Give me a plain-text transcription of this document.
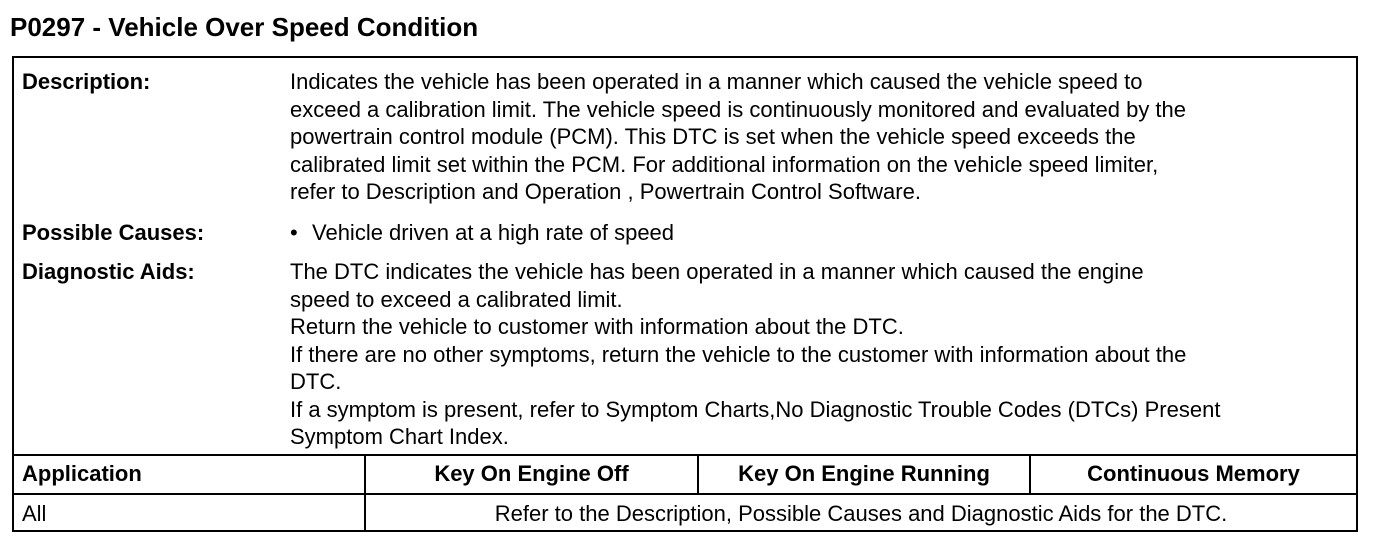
P0297 - Vehicle Over Speed Condition
Description:	Indicates the vehicle has been operated in a manner which caused the vehicle speed to

exceed a calibration limit. The vehicle speed is continuously monitored and evaluated by the

powertrain control module (PCM). This DTC is set when the vehicle speed exceeds the

calibrated limit set within the PCM. For additional information on the vehicle speed limiter,

refer to Description and Operation , Powertrain Control Software.

Possible Causes:	• Vehicle driven at a high rate of speed

Diagnostic Aids:	The DTC indicates the vehicle has been operated in a manner which caused the engine

speed to exceed a calibrated limit.

Return the vehicle to customer with information about the DTC.

If there are no other symptoms, return the vehicle to the customer with information about the

DTC.

If a symptom is present, refer to Symptom Charts,No Diagnostic Trouble Codes (DTCs) Present

Symptom Chart Index.

Application	Key On Engine Off	Key On Engine Running	Continuous Memory
All	Refer to the Description, Possible Causes and Diagnostic Aids for the DTC.
